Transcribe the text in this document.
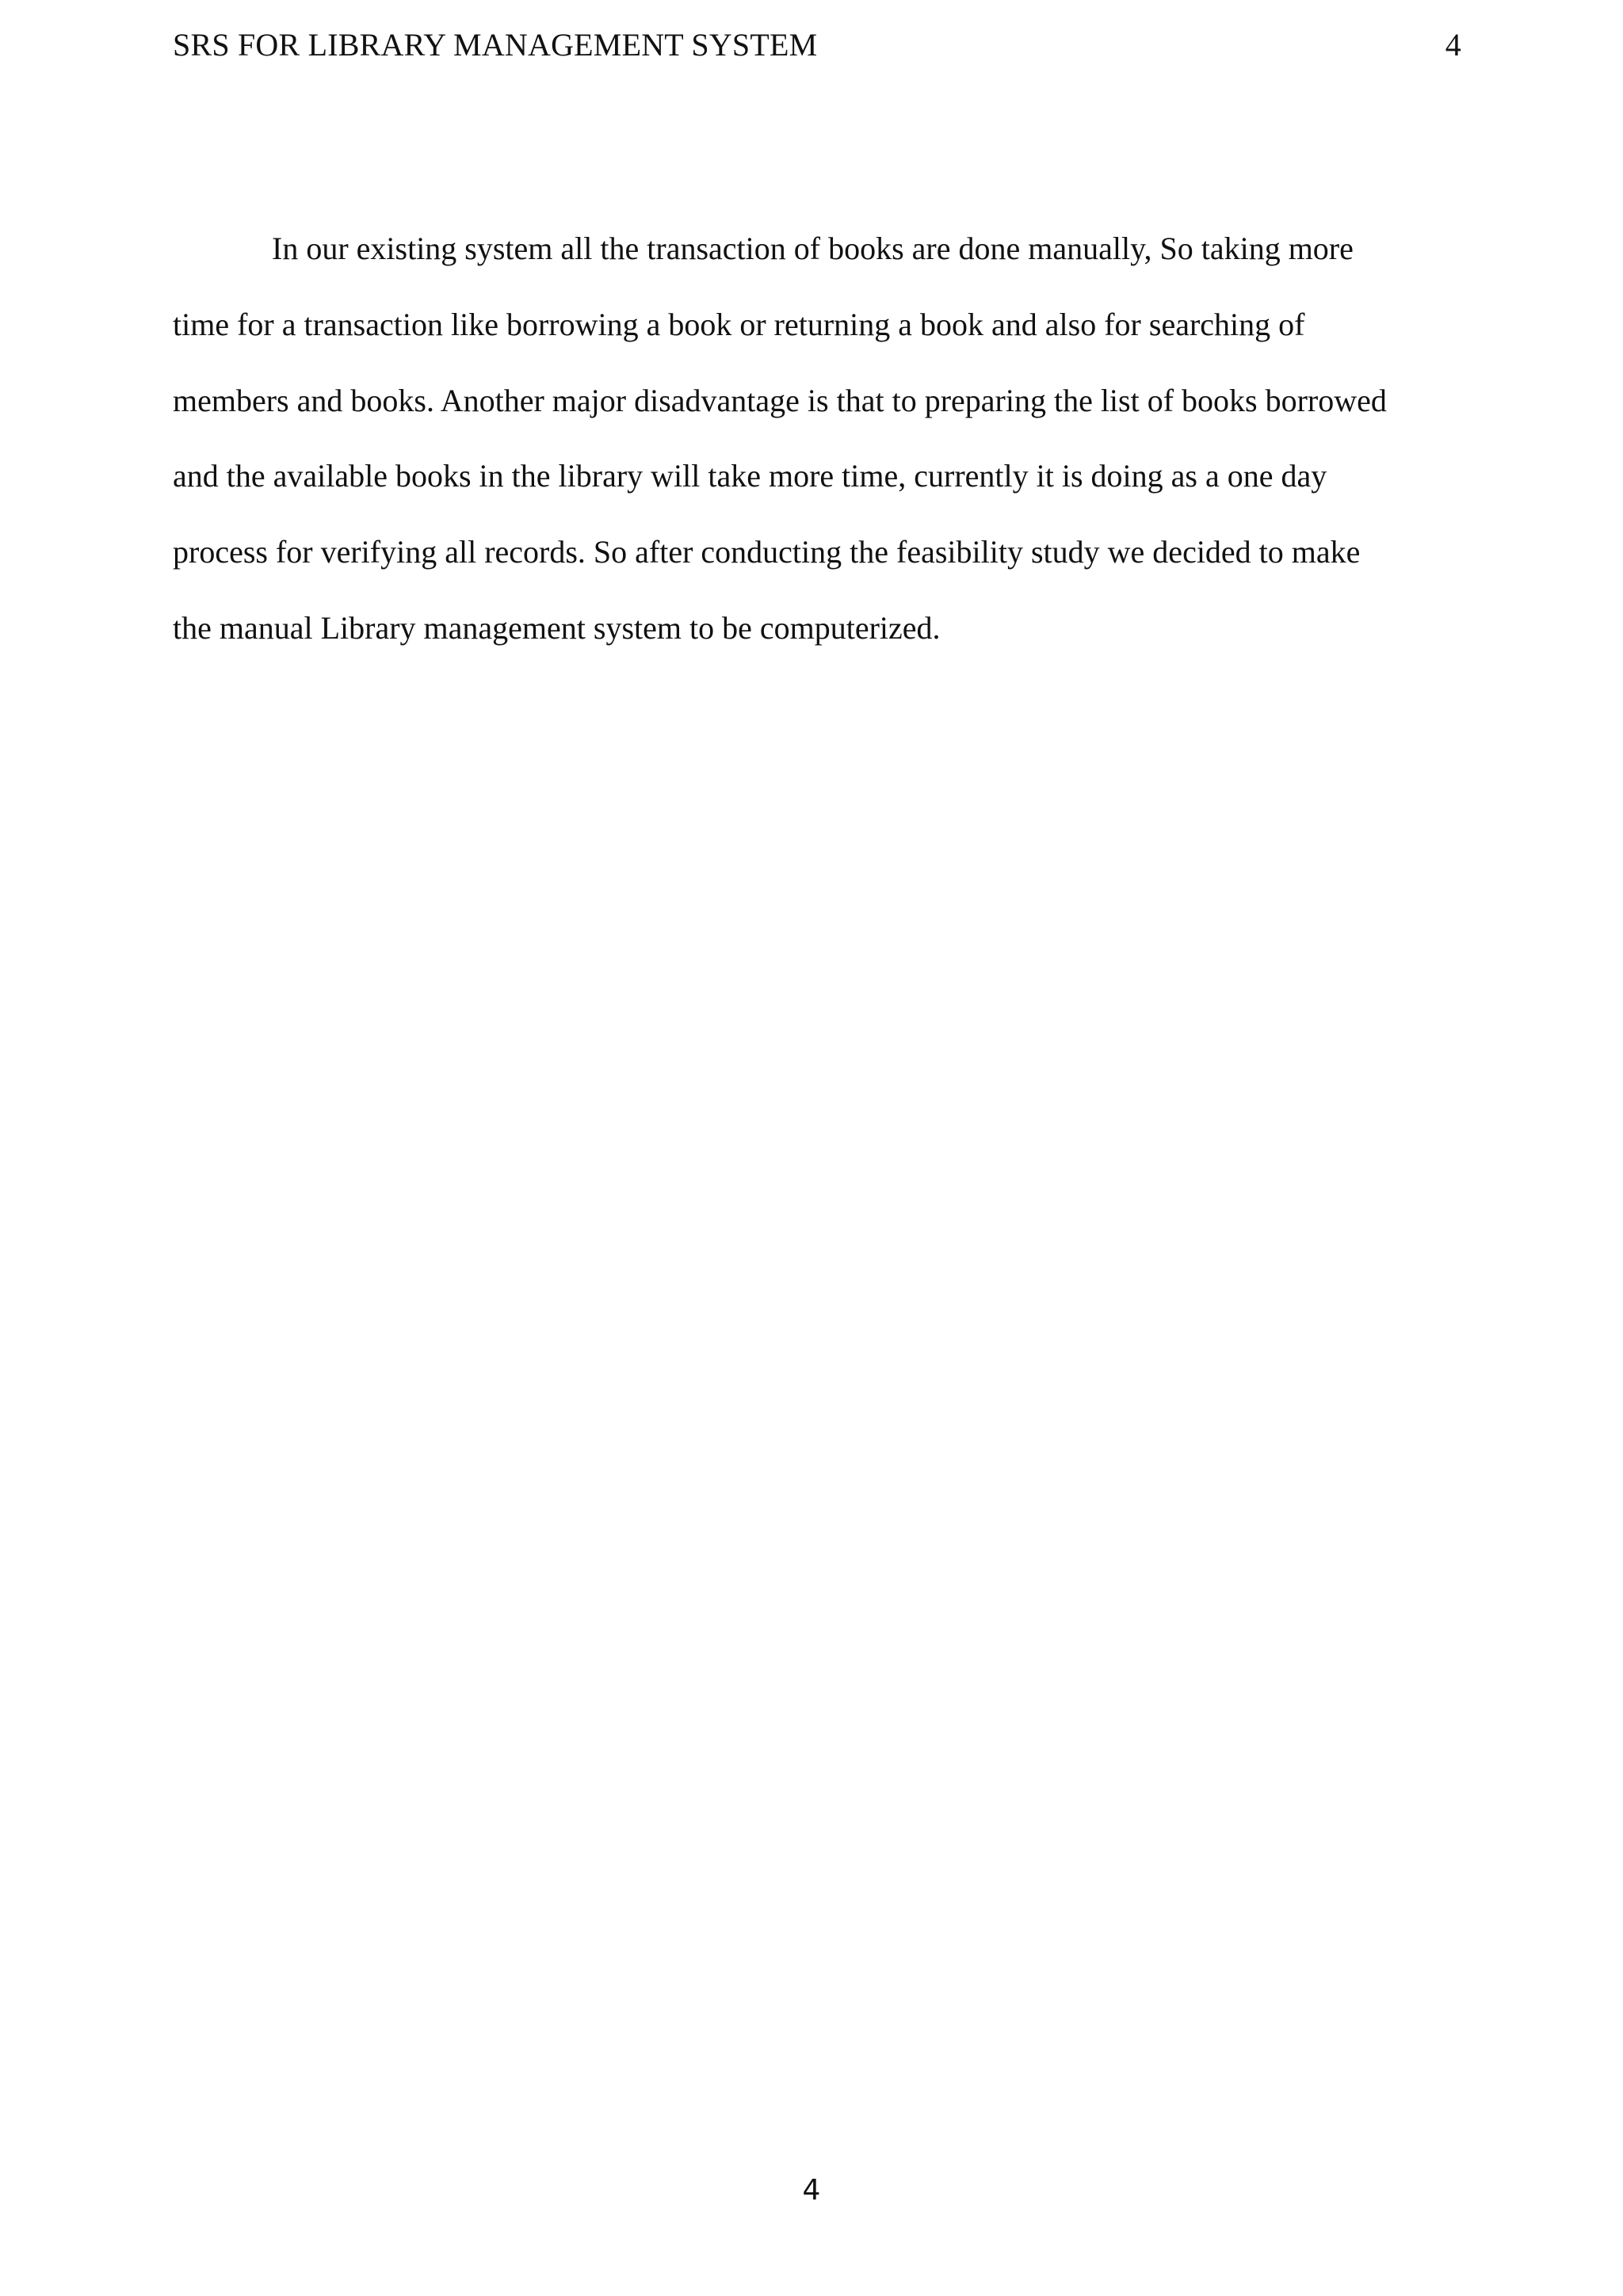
SRS FOR LIBRARY MANAGEMENT SYSTEM	4

In our existing system all the transaction of books are done manually, So taking more
time for a transaction like borrowing a book or returning a book and also for searching of
members and books. Another major disadvantage is that to preparing the list of books borrowed
and the available books in the library will take more time, currently it is doing as a one day
process for verifying all records. So after conducting the feasibility study we decided to make
the manual Library management system to be computerized.

4
